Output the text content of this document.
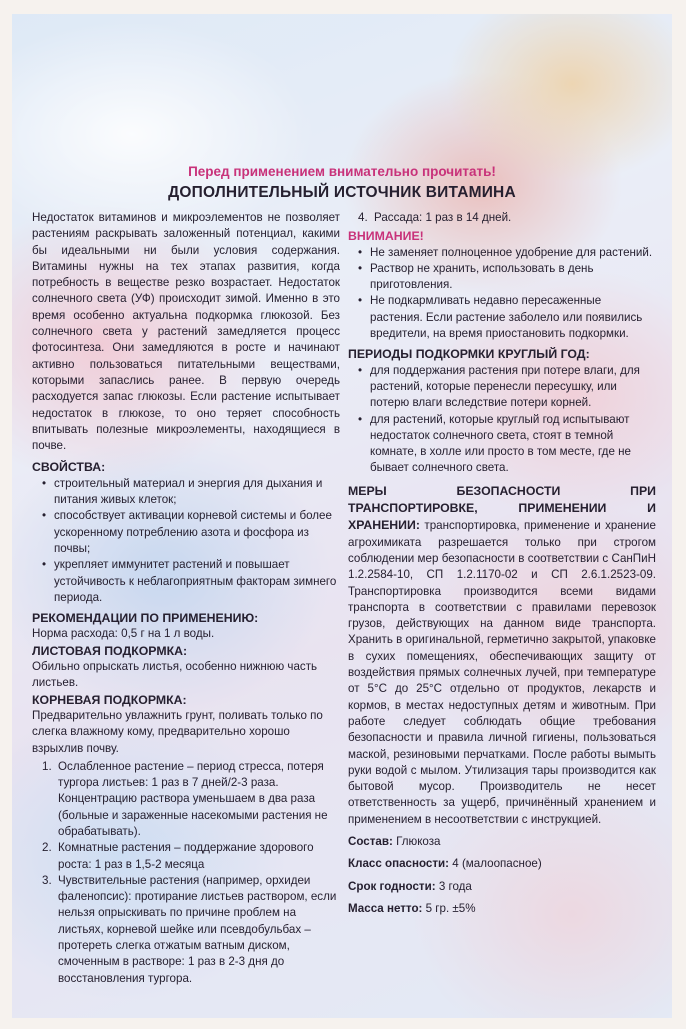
Перед применением внимательно прочитать!

ДОПОЛНИТЕЛЬНЫЙ ИСТОЧНИК ВИТАМИНА

Недостаток витаминов и микроэлементов не позволяет растениям раскрывать заложенный потенциал, какими бы идеальными ни были условия содержания. Витамины нужны на тех этапах развития, когда потребность в веществе резко возрастает. Недостаток солнечного света (УФ) происходит зимой. Именно в это время особенно актуальна подкормка глюкозой. Без солнечного света у растений замедляется процесс фотосинтеза. Они замедляются в росте и начинают активно пользоваться питательными веществами, которыми запаслись ранее. В первую очередь расходуется запас глюкозы. Если растение испытывает недостаток в глюкозе, то оно теряет способность впитывать полезные микроэлементы, находящиеся в почве.

СВОЙСТВА:
• строительный материал и энергия для дыхания и питания живых клеток;
• способствует активации корневой системы и более ускоренному потреблению азота и фосфора из почвы;
• укрепляет иммунитет растений и повышает устойчивость к неблагоприятным факторам зимнего периода.
РЕКОМЕНДАЦИИ ПО ПРИМЕНЕНИЮ:

Норма расхода: 0,5 г на 1 л воды.

ЛИСТОВАЯ ПОДКОРМКА:

Обильно опрыскать листья, особенно нижнюю часть листьев.

КОРНЕВАЯ ПОДКОРМКА:

Предварительно увлажнить грунт, поливать только по слегка влажному кому, предварительно хорошо взрыхлив почву.

1. Ослабленное растение – период стресса, потеря тургора листьев: 1 раз в 7 дней/2-3 раза. Концентрацию раствора уменьшаем в два раза (больные и зараженные насекомыми растения не обрабатывать).
2. Комнатные растения – поддержание здорового роста: 1 раз в 1,5-2 месяца
3. Чувствительные растения (например, орхидеи фаленопсис): протирание листьев раствором, если нельзя опрыскивать по причине проблем на листьях, корневой шейке или псевдобульбах – протереть слегка отжатым ватным диском, смоченным в растворе: 1 раз в 2-3 дня до восстановления тургора.
4. Рассада: 1 раз в 14 дней.
ВНИМАНИЕ!
• Не заменяет полноценное удобрение для растений.
• Раствор не хранить, использовать в день приготовления.
• Не подкармливать недавно пересаженные растения. Если растение заболело или появились вредители, на время приостановить подкормки.
ПЕРИОДЫ ПОДКОРМКИ КРУГЛЫЙ ГОД:
• для поддержания растения при потере влаги, для растений, которые перенесли пересушку, или потерю влаги вследствие потери корней.
• для растений, которые круглый год испытывают недостаток солнечного света, стоят в темной комнате, в холле или просто в том месте, где не бывает солнечного света.

МЕРЫ БЕЗОПАСНОСТИ ПРИ ТРАНСПОРТИРОВКЕ, ПРИМЕНЕНИИ И ХРАНЕНИИ: транспортировка, применение и хранение агрохимиката разрешается только при строгом соблюдении мер безопасности в соответствии с СанПиН 1.2.2584-10, СП 1.2.1170-02 и СП 2.6.1.2523-09. Транспортировка производится всеми видами транспорта в соответствии с правилами перевозок грузов, действующих на данном виде транспорта. Хранить в оригинальной, герметично закрытой, упаковке в сухих помещениях, обеспечивающих защиту от воздействия прямых солнечных лучей, при температуре от 5°C до 25°C отдельно от продуктов, лекарств и кормов, в местах недоступных детям и животным. При работе следует соблюдать общие требования безопасности и правила личной гигиены, пользоваться маской, резиновыми перчатками. После работы вымыть руки водой с мылом. Утилизация тары производится как бытовой мусор. Производитель не несет ответственность за ущерб, причинённый хранением и применением в несоответствии с инструкцией.

Состав: Глюкоза

Класс опасности: 4 (малоопасное)

Срок годности: 3 года

Масса нетто: 5 гр. ±5%
